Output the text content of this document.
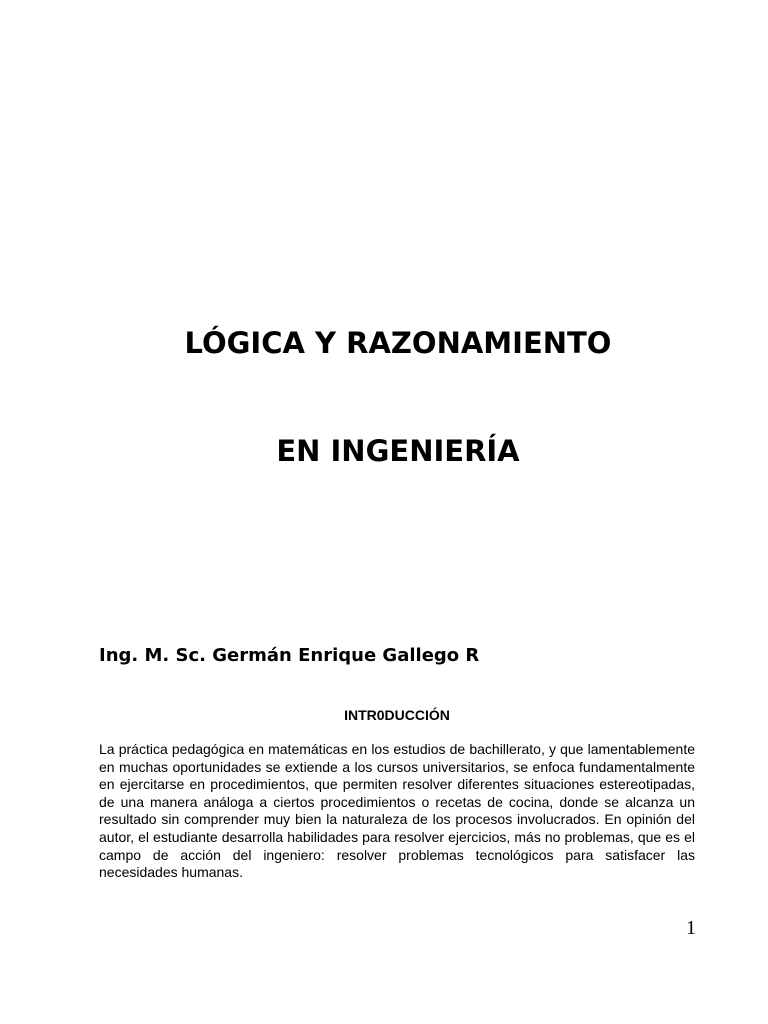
LÓGICA Y RAZONAMIENTO
EN INGENIERÍA

Ing. M. Sc. Germán Enrique Gallego R

INTR0DUCCIÓN

La práctica pedagógica en matemáticas en los estudios de bachillerato, y que lamentablemente en muchas oportunidades se extiende a los cursos universitarios, se enfoca fundamentalmente en ejercitarse en procedimientos, que permiten resolver diferentes situaciones estereotipadas, de una manera análoga a ciertos procedimientos o recetas de cocina, donde se alcanza un resultado sin comprender muy bien la naturaleza de los procesos involucrados. En opinión del autor, el estudiante desarrolla habilidades para resolver ejercicios, más no problemas, que es el campo de acción del ingeniero: resolver problemas tecnológicos para satisfacer las necesidades humanas.

1
